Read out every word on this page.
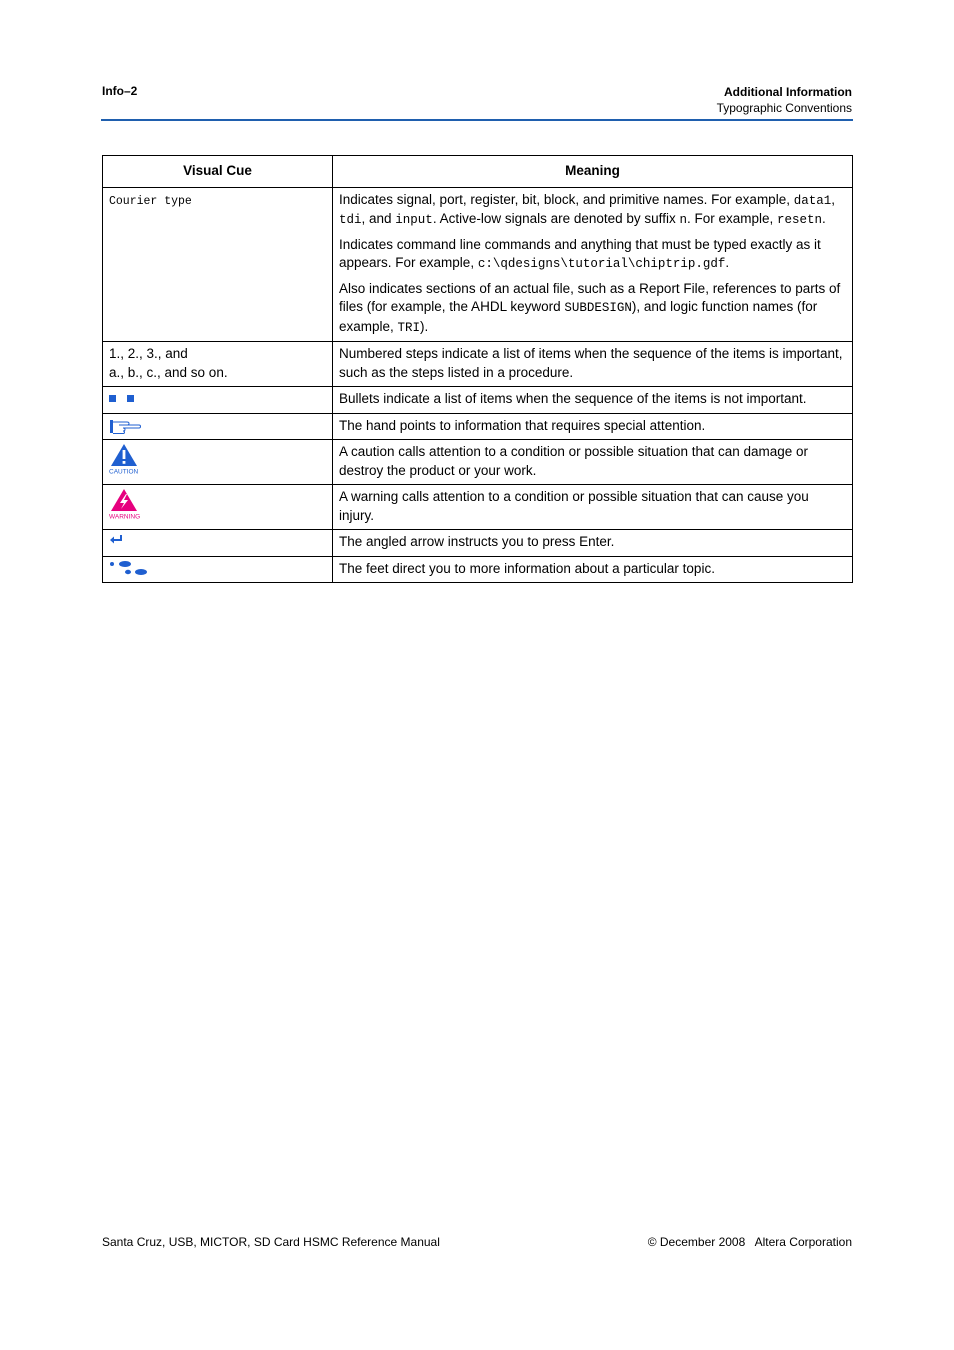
Info–2	Additional Information
Typographic Conventions
Visual Cue	Meaning
Courier type	Indicates signal, port, register, bit, block, and primitive names. For example, data1, tdi, and input. Active-low signals are denoted by suffix n. For example, resetn.

Indicates command line commands and anything that must be typed exactly as it appears. For example, c:\qdesigns\tutorial\chiptrip.gdf.

Also indicates sections of an actual file, such as a Report File, references to parts of files (for example, the AHDL keyword SUBDESIGN), and logic function names (for example, TRI).

1., 2., 3., and
a., b., c., and so on.	Numbered steps indicate a list of items when the sequence of the items is important, such as the steps listed in a procedure.

	Bullets indicate a list of items when the sequence of the items is not important.

	The hand points to information that requires special attention.

CAUTION	A caution calls attention to a condition or possible situation that can damage or destroy the product or your work.

WARNING	A warning calls attention to a condition or possible situation that can cause you injury.

	The angled arrow instructs you to press Enter.

	The feet direct you to more information about a particular topic.
Santa Cruz, USB, MICTOR, SD Card HSMC Reference Manual	© December 2008   Altera Corporation
